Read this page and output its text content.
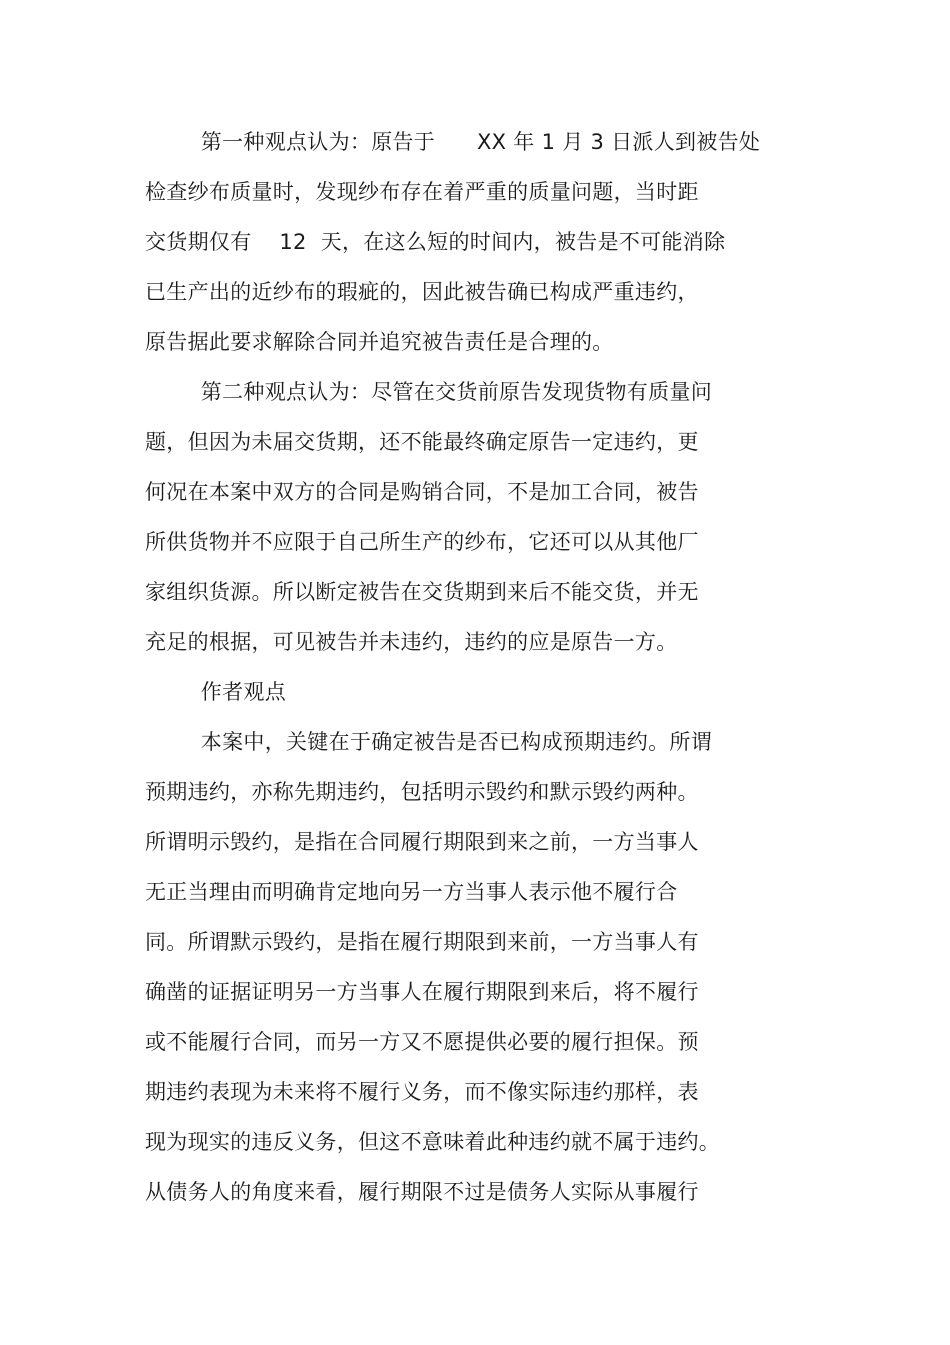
第一种观点认为：原告于      XX 年 1 月 3 日派人到被告处
检查纱布质量时，发现纱布存在着严重的质量问题，当时距
交货期仅有    12  天，在这么短的时间内，被告是不可能消除
已生产出的近纱布的瑕疵的，因此被告确已构成严重违约，
原告据此要求解除合同并追究被告责任是合理的。
第二种观点认为：尽管在交货前原告发现货物有质量问
题，但因为未届交货期，还不能最终确定原告一定违约，更
何况在本案中双方的合同是购销合同，不是加工合同，被告
所供货物并不应限于自己所生产的纱布，它还可以从其他厂
家组织货源。所以断定被告在交货期到来后不能交货，并无
充足的根据，可见被告并未违约，违约的应是原告一方。
作者观点
本案中，关键在于确定被告是否已构成预期违约。所谓
预期违约，亦称先期违约，包括明示毁约和默示毁约两种。
所谓明示毁约，是指在合同履行期限到来之前，一方当事人
无正当理由而明确肯定地向另一方当事人表示他不履行合
同。所谓默示毁约，是指在履行期限到来前，一方当事人有
确凿的证据证明另一方当事人在履行期限到来后，将不履行
或不能履行合同，而另一方又不愿提供必要的履行担保。预
期违约表现为未来将不履行义务，而不像实际违约那样，表
现为现实的违反义务，但这不意味着此种违约就不属于违约。
从债务人的角度来看，履行期限不过是债务人实际从事履行
